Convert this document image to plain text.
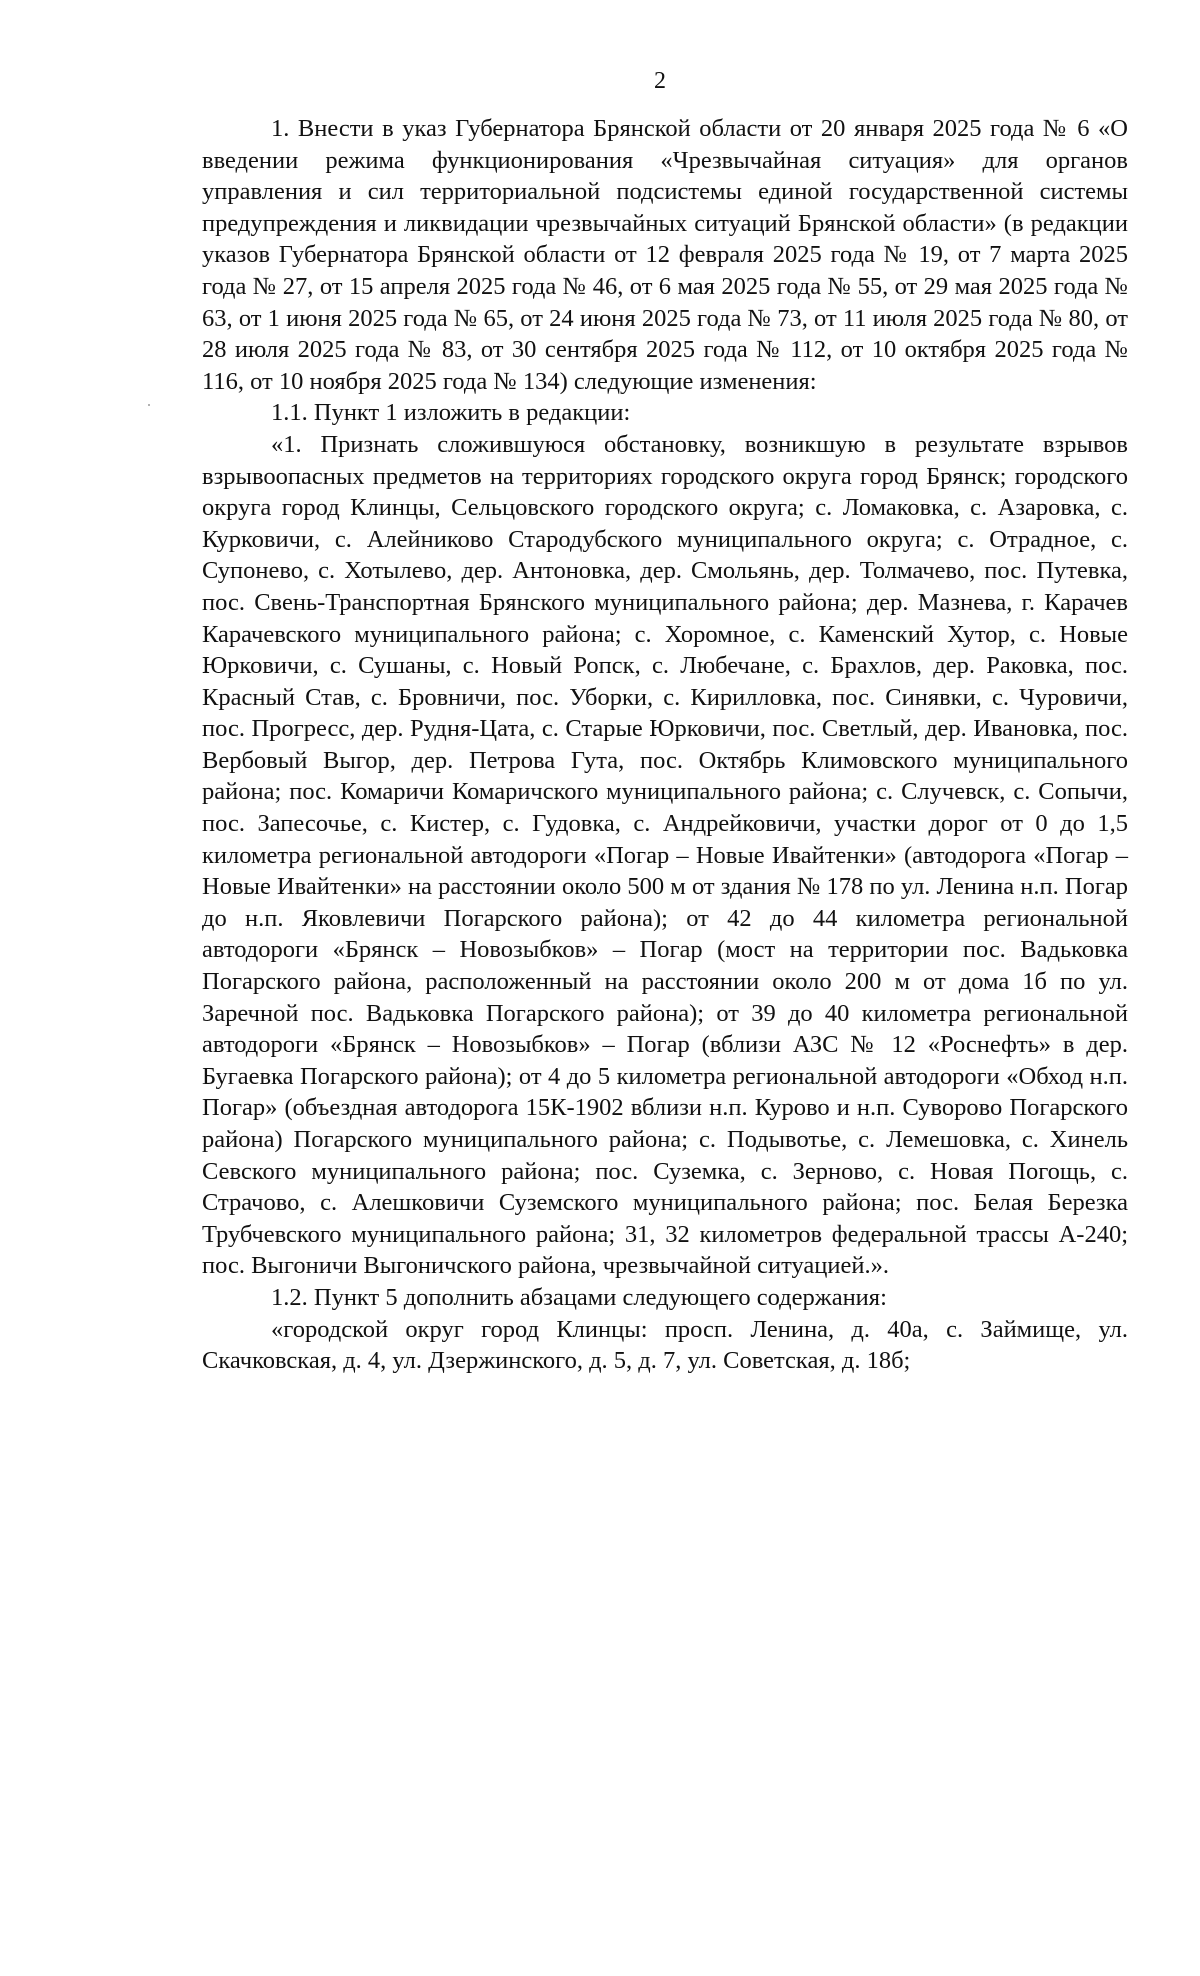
2

1. Внести в указ Губернатора Брянской области от 20 января 2025 года № 6 «О введении режима функционирования «Чрезвычайная ситуация» для органов управления и сил территориальной подсистемы единой государственной системы предупреждения и ликвидации чрезвычайных ситуаций Брянской области» (в редакции указов Губернатора Брянской области от 12 февраля 2025 года № 19, от 7 марта 2025 года № 27, от 15 апреля 2025 года № 46, от 6 мая 2025 года № 55, от 29 мая 2025 года № 63, от 1 июня 2025 года № 65, от 24 июня 2025 года № 73, от 11 июля 2025 года № 80, от 28 июля 2025 года № 83, от 30 сентября 2025 года № 112, от 10 октября 2025 года № 116, от 10 ноября 2025 года № 134) следующие изменения:

1.1. Пункт 1 изложить в редакции:

«1. Признать сложившуюся обстановку, возникшую в результате взрывов взрывоопасных предметов на территориях городского округа город Брянск; городского округа город Клинцы, Сельцовского городского округа; с. Ломаковка, с. Азаровка, с. Курковичи, с. Алейниково Стародубского муниципального округа; с. Отрадное, с. Супонево, с. Хотылево, дер. Антоновка, дер. Смольянь, дер. Толмачево, пос. Путевка, пос. Свень-Транспортная Брянского муниципального района; дер. Мазнева, г. Карачев Карачевского муниципального района; с. Хоромное, с. Каменский Хутор, с. Новые Юрковичи, с. Сушаны, с. Новый Ропск, с. Любечане, с. Брахлов, дер. Раковка, пос. Красный Став, с. Бровничи, пос. Уборки, с. Кирилловка, пос. Синявки, с. Чуровичи, пос. Прогресс, дер. Рудня-Цата, с. Старые Юрковичи, пос. Светлый, дер. Ивановка, пос. Вербовый Выгор, дер. Петрова Гута, пос. Октябрь Климовского муниципального района; пос. Комаричи Комаричского муниципального района; с. Случевск, с. Сопычи, пос. Запесочье, с. Кистер, с. Гудовка, с. Андрейковичи, участки дорог от 0 до 1,5 километра региональной автодороги «Погар – Новые Ивайтенки» (автодорога «Погар – Новые Ивайтенки» на расстоянии около 500 м от здания № 178 по ул. Ленина н.п. Погар до н.п. Яковлевичи Погарского района); от 42 до 44 километра региональной автодороги «Брянск – Новозыбков» – Погар (мост на территории пос. Вадьковка Погарского района, расположенный на расстоянии около 200 м от дома 1б по ул. Заречной пос. Вадьковка Погарского района); от 39 до 40 километра региональной автодороги «Брянск – Новозыбков» – Погар (вблизи АЗС № 12 «Роснефть» в дер. Бугаевка Погарского района); от 4 до 5 километра региональной автодороги «Обход н.п. Погар» (объездная автодорога 15К-1902 вблизи н.п. Курово и н.п. Суворово Погарского района) Погарского муниципального района; с. Подывотье, с. Лемешовка, с. Хинель Севского муниципального района; пос. Суземка, с. Зерново, с. Новая Погощь, с. Страчово, с. Алешковичи Суземского муниципального района; пос. Белая Березка Трубчевского муниципального района; 31, 32 километров федеральной трассы А-240; пос. Выгоничи Выгоничского района, чрезвычайной ситуацией.».

1.2. Пункт 5 дополнить абзацами следующего содержания:

«городской округ город Клинцы: просп. Ленина, д. 40а, с. Займище, ул. Скачковская, д. 4, ул. Дзержинского, д. 5, д. 7, ул. Советская, д. 18б;
